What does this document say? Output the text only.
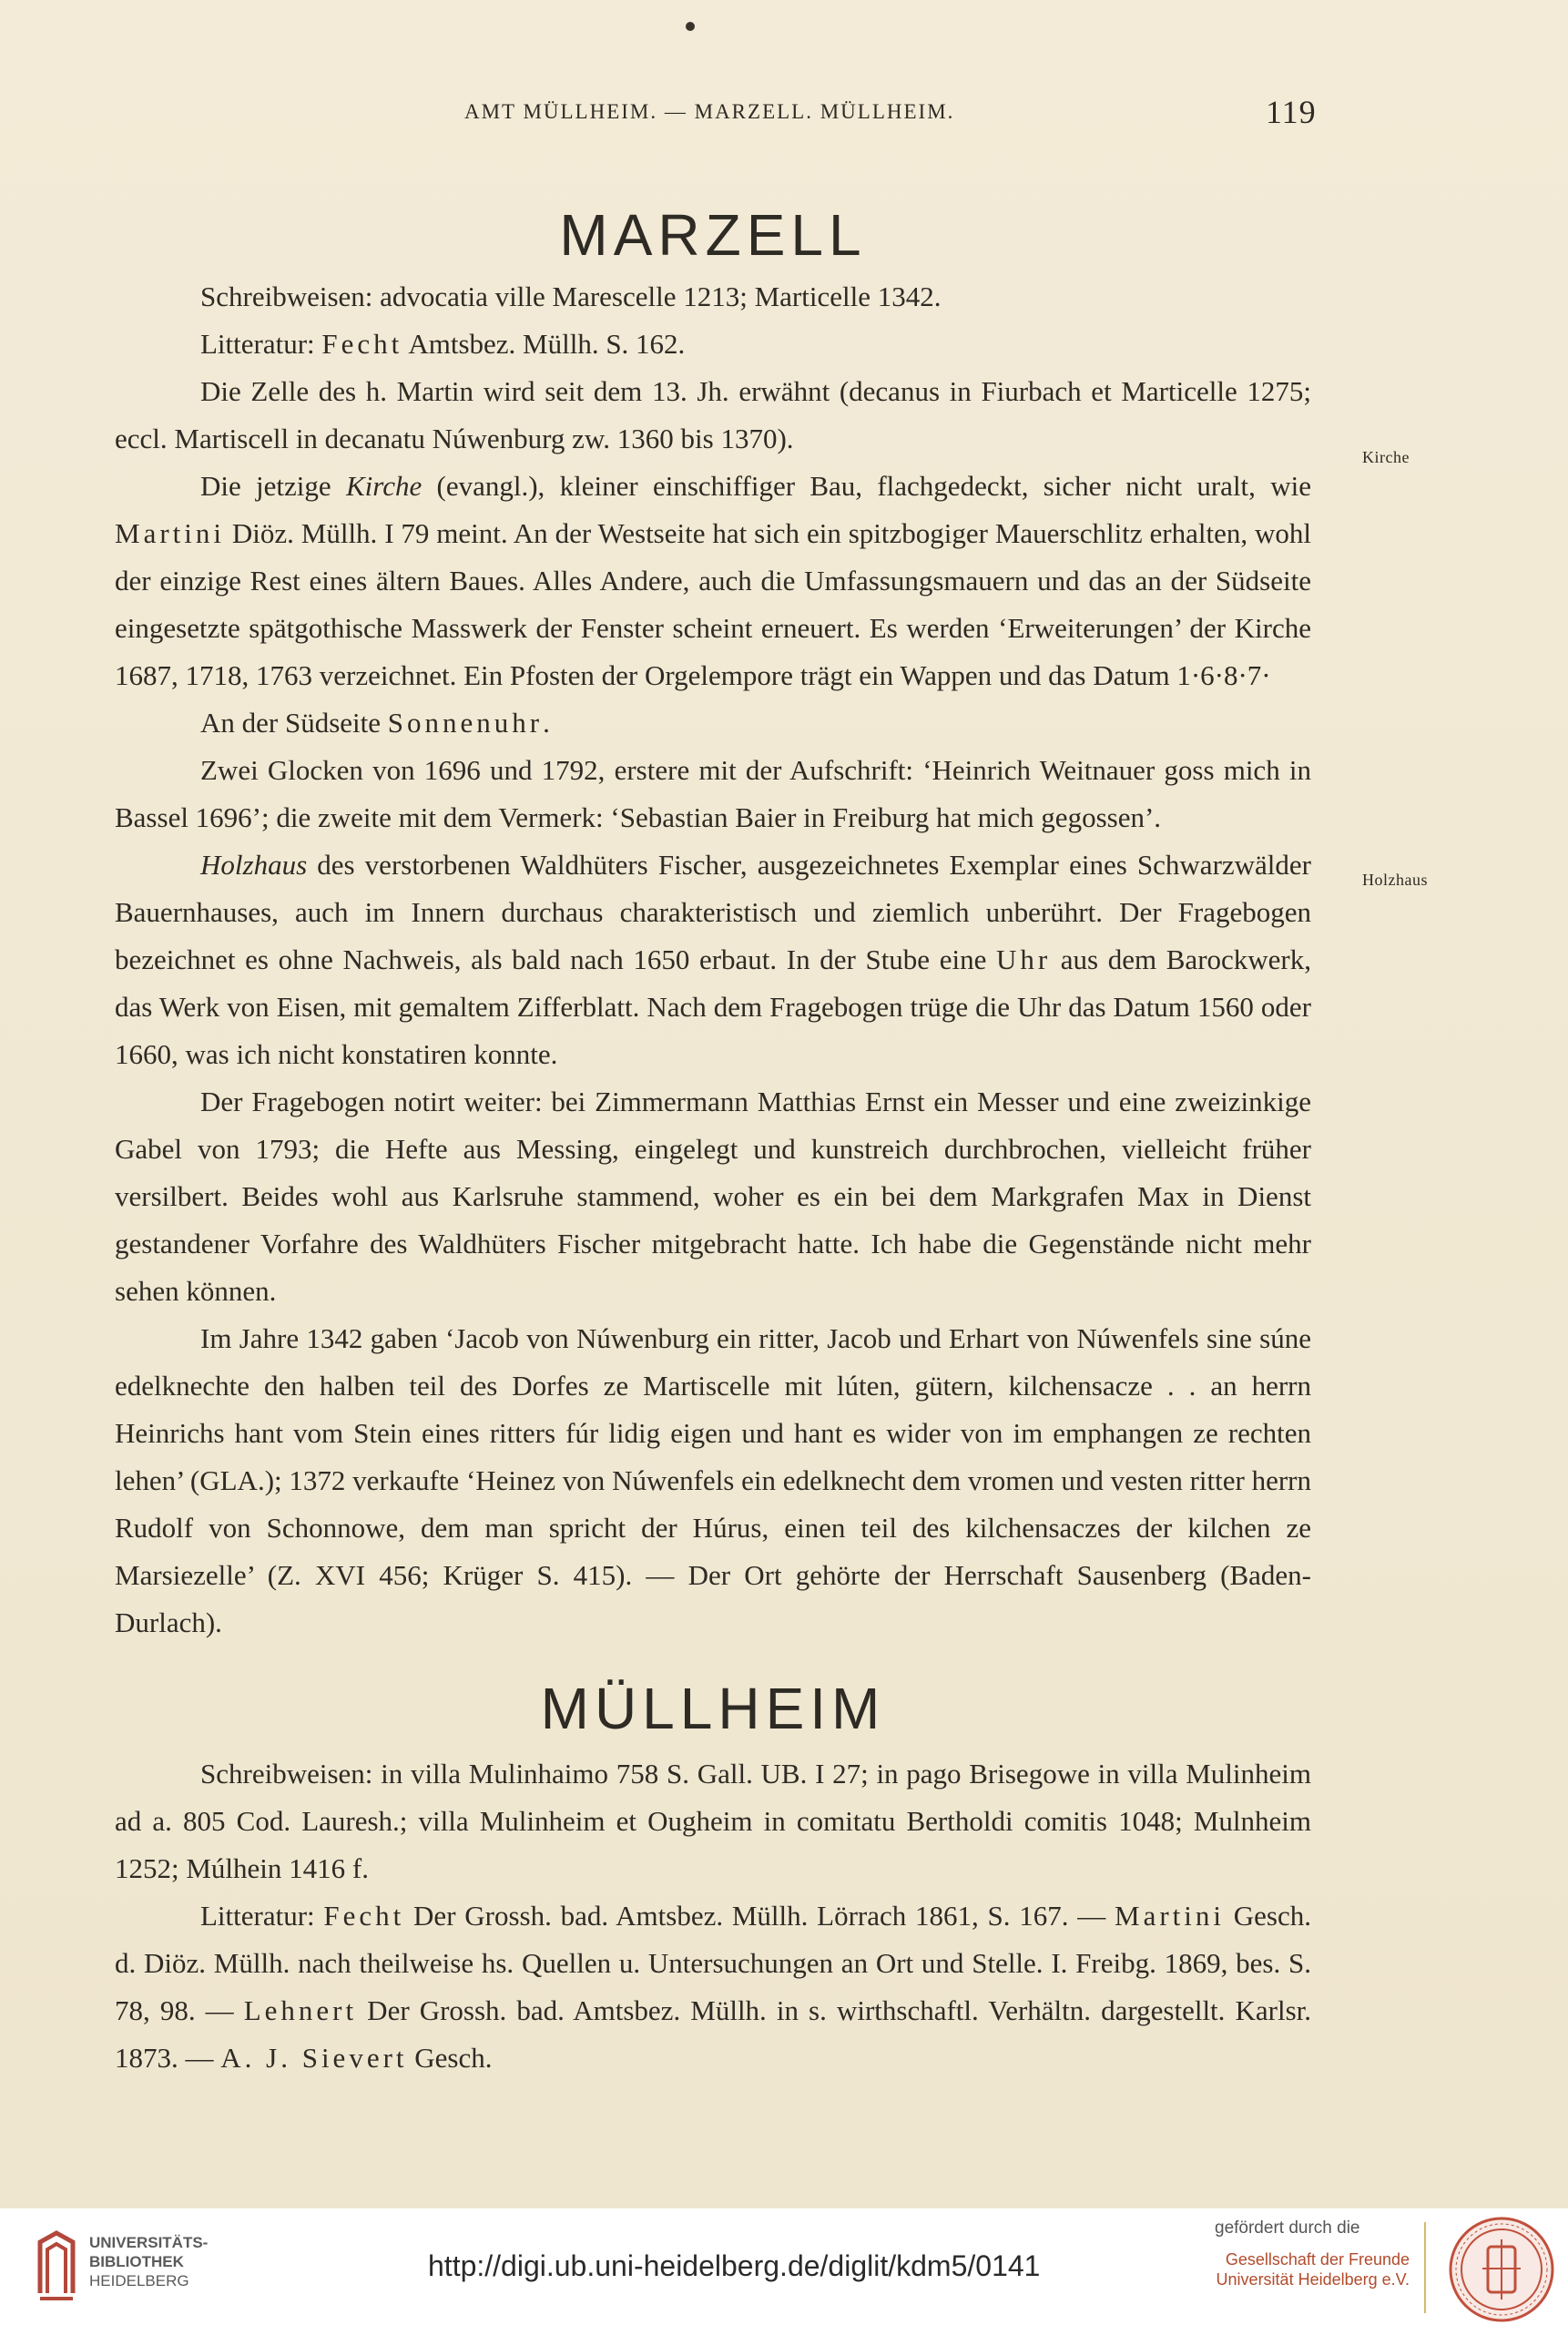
AMT MÜLLHEIM. — MARZELL. MÜLLHEIM.	119
MARZELL

Schreibweisen: advocatia ville Marescelle 1213; Marticelle 1342.

Litteratur: Fecht Amtsbez. Müllh. S. 162.

Die Zelle des h. Martin wird seit dem 13. Jh. erwähnt (decanus in Fiurbach et Marticelle 1275; eccl. Martiscell in decanatu Núwenburg zw. 1360 bis 1370).

Die jetzige Kirche (evangl.), kleiner einschiffiger Bau, flachgedeckt, sicher nicht uralt, wie Martini Diöz. Müllh. I 79 meint. An der Westseite hat sich ein spitzbogiger Mauerschlitz erhalten, wohl der einzige Rest eines ältern Baues. Alles Andere, auch die Umfassungsmauern und das an der Südseite eingesetzte spätgothische Masswerk der Fenster scheint erneuert. Es werden ‘Erweiterungen’ der Kirche 1687, 1718, 1763 verzeichnet. Ein Pfosten der Orgelempore trägt ein Wappen und das Datum 1·6·8·7·

An der Südseite Sonnenuhr.

Zwei Glocken von 1696 und 1792, erstere mit der Aufschrift: ‘Heinrich Weitnauer goss mich in Bassel 1696’; die zweite mit dem Vermerk: ‘Sebastian Baier in Freiburg hat mich gegossen’.

Holzhaus des verstorbenen Waldhüters Fischer, ausgezeichnetes Exemplar eines Schwarzwälder Bauernhauses, auch im Innern durchaus charakteristisch und ziemlich unberührt. Der Fragebogen bezeichnet es ohne Nachweis, als bald nach 1650 erbaut. In der Stube eine Uhr aus dem Barockwerk, das Werk von Eisen, mit gemaltem Zifferblatt. Nach dem Fragebogen trüge die Uhr das Datum 1560 oder 1660, was ich nicht konstatiren konnte.

Der Fragebogen notirt weiter: bei Zimmermann Matthias Ernst ein Messer und eine zweizinkige Gabel von 1793; die Hefte aus Messing, eingelegt und kunstreich durchbrochen, vielleicht früher versilbert. Beides wohl aus Karlsruhe stammend, woher es ein bei dem Markgrafen Max in Dienst gestandener Vorfahre des Waldhüters Fischer mitgebracht hatte. Ich habe die Gegenstände nicht mehr sehen können.

Im Jahre 1342 gaben ‘Jacob von Núwenburg ein ritter, Jacob und Erhart von Núwenfels sine súne edelknechte den halben teil des Dorfes ze Martiscelle mit lúten, gütern, kilchensacze . . an herrn Heinrichs hant vom Stein eines ritters fúr lidig eigen und hant es wider von im emphangen ze rechten lehen’ (GLA.); 1372 verkaufte ‘Heinez von Núwenfels ein edelknecht dem vromen und vesten ritter herrn Rudolf von Schonnowe, dem man spricht der Húrus, einen teil des kilchensaczes der kilchen ze Marsiezelle’ (Z. XVI 456; Krüger S. 415). — Der Ort gehörte der Herrschaft Sausenberg (Baden-Durlach).

Kirche
Holzhaus
MÜLLHEIM

Schreibweisen: in villa Mulinhaimo 758 S. Gall. UB. I 27; in pago Brisegowe in villa Mulinheim ad a. 805 Cod. Lauresh.; villa Mulinheim et Ougheim in comitatu Bertholdi comitis 1048; Mulnheim 1252; Múlhein 1416 f.

Litteratur: Fecht Der Grossh. bad. Amtsbez. Müllh. Lörrach 1861, S. 167. — Martini Gesch. d. Diöz. Müllh. nach theilweise hs. Quellen u. Untersuchungen an Ort und Stelle. I. Freibg. 1869, bes. S. 78, 98. — Lehnert Der Grossh. bad. Amtsbez. Müllh. in s. wirthschaftl. Verhältn. dargestellt. Karlsr. 1873. — A. J. Sievert Gesch.

UNIVERSITÄTS-
BIBLIOTHEK
HEIDELBERG	http://digi.ub.uni-heidelberg.de/diglit/kdm5/0141
gefördert durch die
Gesellschaft der Freunde
Universität Heidelberg e.V.
